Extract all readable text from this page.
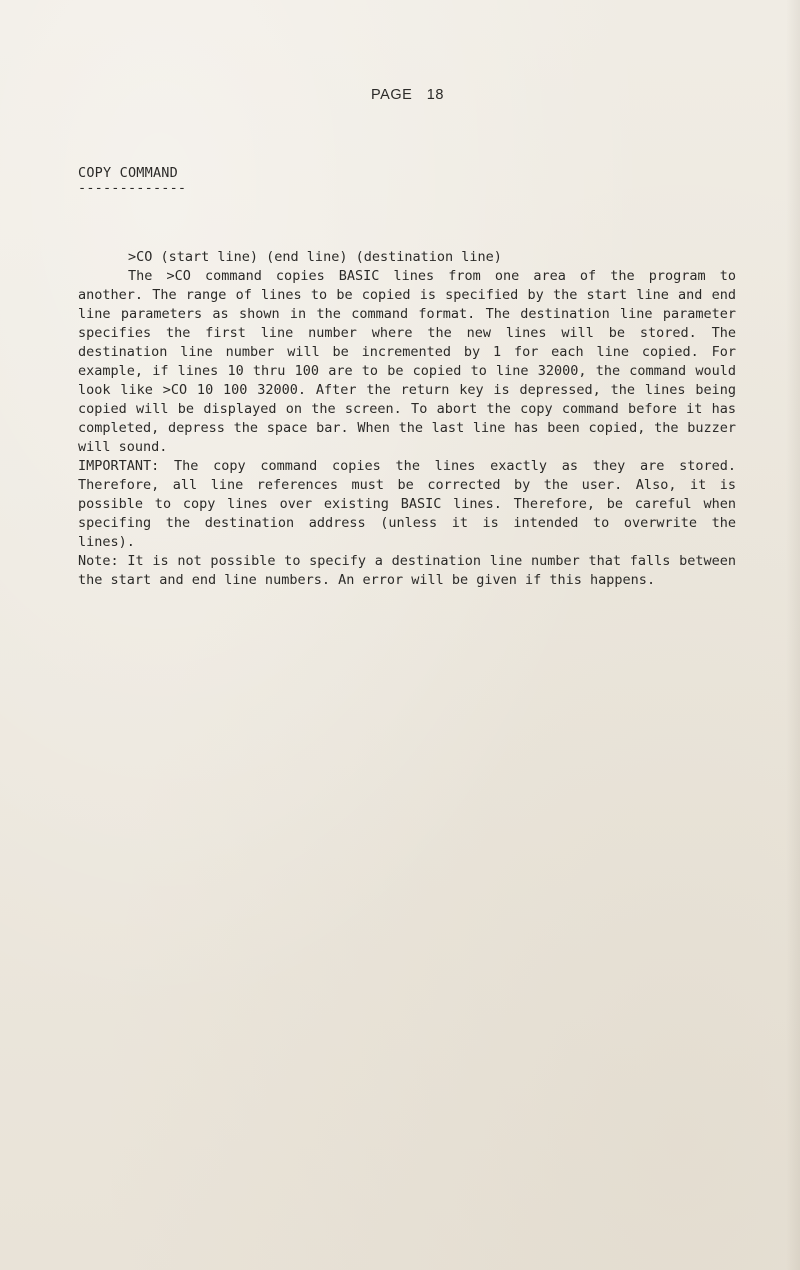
PAGE 18
COPY COMMAND
-------------
>CO (start line) (end line) (destination line)

The >CO command copies BASIC lines from one area of the program to another. The range of lines to be copied is specified by the start line and end line parameters as shown in the command format. The destination line parameter specifies the first line number where the new lines will be stored. The destination line number will be incremented by 1 for each line copied. For example, if lines 10 thru 100 are to be copied to line 32000, the command would look like >CO 10 100 32000. After the return key is depressed, the lines being copied will be displayed on the screen. To abort the copy command before it has completed, depress the space bar. When the last line has been copied, the buzzer will sound.

IMPORTANT: The copy command copies the lines exactly as they are stored. Therefore, all line references must be corrected by the user. Also, it is possible to copy lines over existing BASIC lines. Therefore, be careful when specifing the destination address (unless it is intended to overwrite the lines).

Note: It is not possible to specify a destination line number that falls between the start and end line numbers. An error will be given if this happens.
